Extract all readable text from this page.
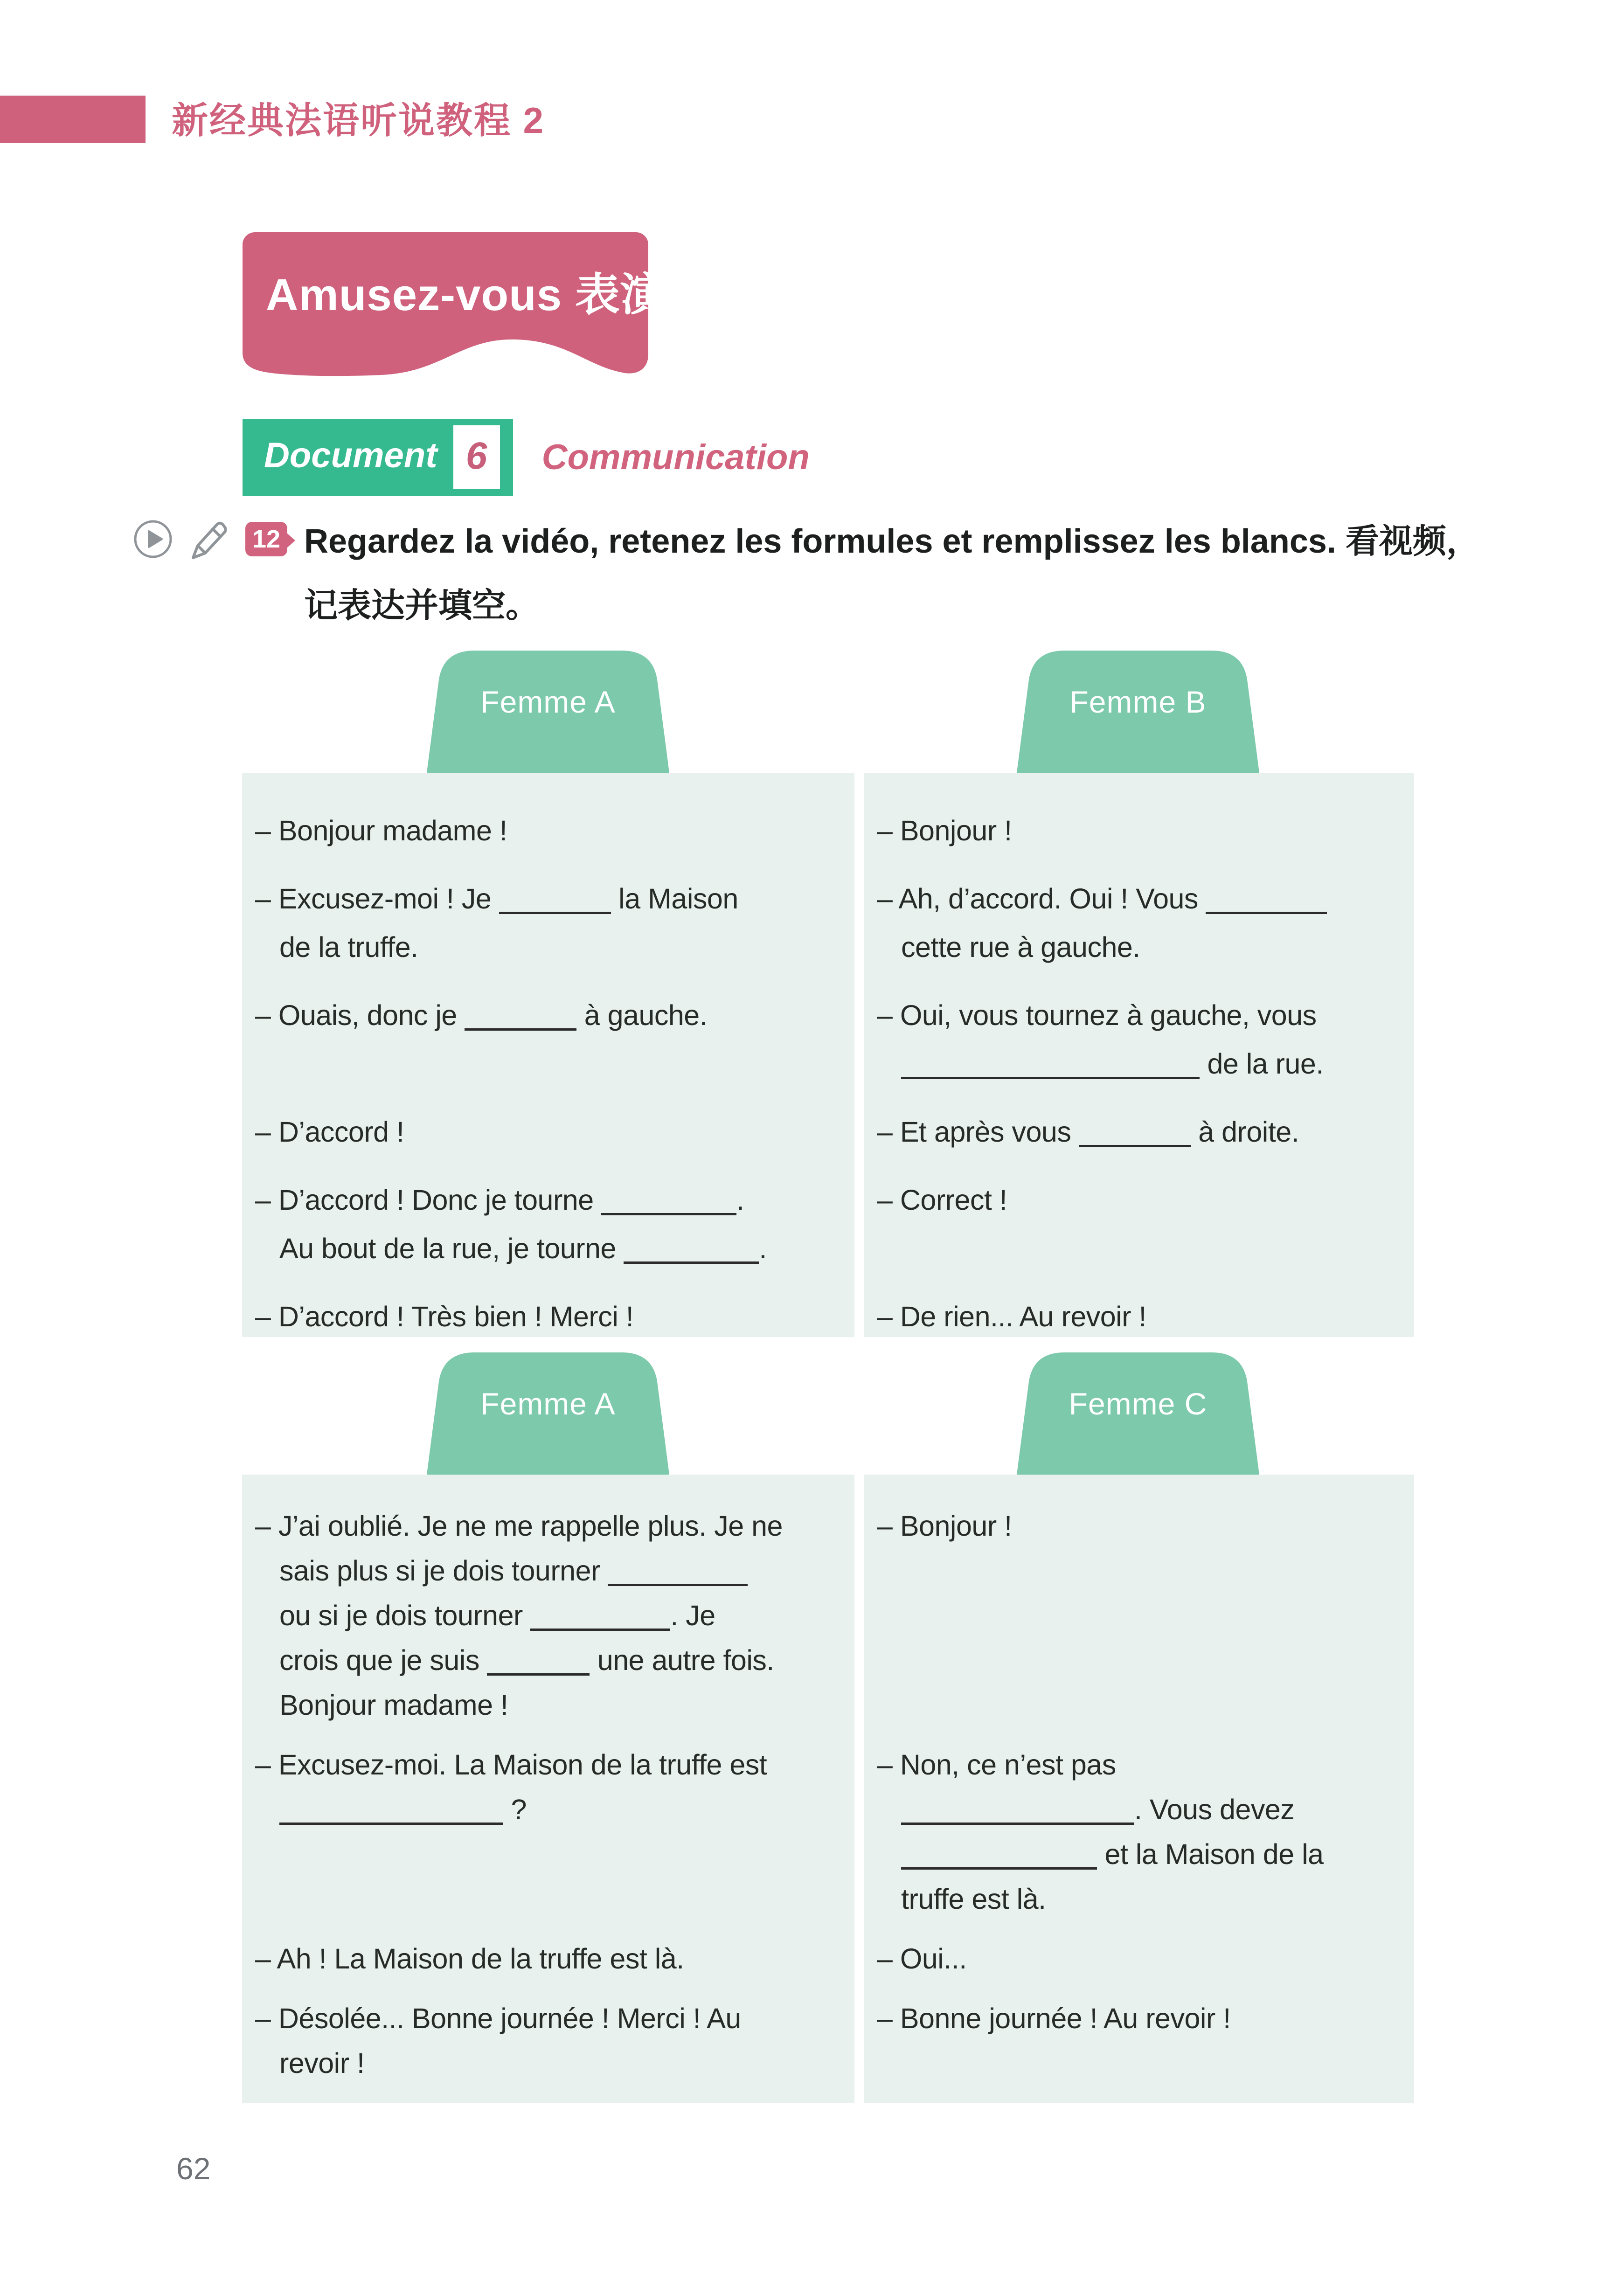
新经典法语听说教程 2
Amusez-vous 表演
Document 6 Communication
12 Regardez la vidéo, retenez les formules et remplissez les blancs. 看视频，
记表达并填空。
Femme A	Femme B
– Bonjour madame !	– Bonjour !
– Excusez-moi ! Je	la Maison
de la truffe.
– Ah, d’accord. Oui ! Vous
cette rue à gauche.
– Ouais, donc je	à gauche.	– Oui, vous tournez à gauche, vous
de la rue.
– D’accord !	– Et après vous	à droite.
– D’accord ! Donc je tourne	.
Au bout de la rue, je tourne	.
– Correct !
– D’accord ! Très bien ! Merci !	– De rien... Au revoir !
Femme A	Femme C
– J’ai oublié. Je ne me rappelle plus. Je ne
sais plus si je dois tourner
ou si je dois tourner	. Je
crois que je suis	une autre fois.
Bonjour madame !
– Bonjour !
– Excusez-moi. La Maison de la truffe est
?
– Non, ce n’est pas
. Vous devez
et la Maison de la
truffe est là.
– Ah ! La Maison de la truffe est là.	– Oui...
– Désolée... Bonne journée ! Merci ! Au
revoir !
– Bonne journée ! Au revoir !
62
